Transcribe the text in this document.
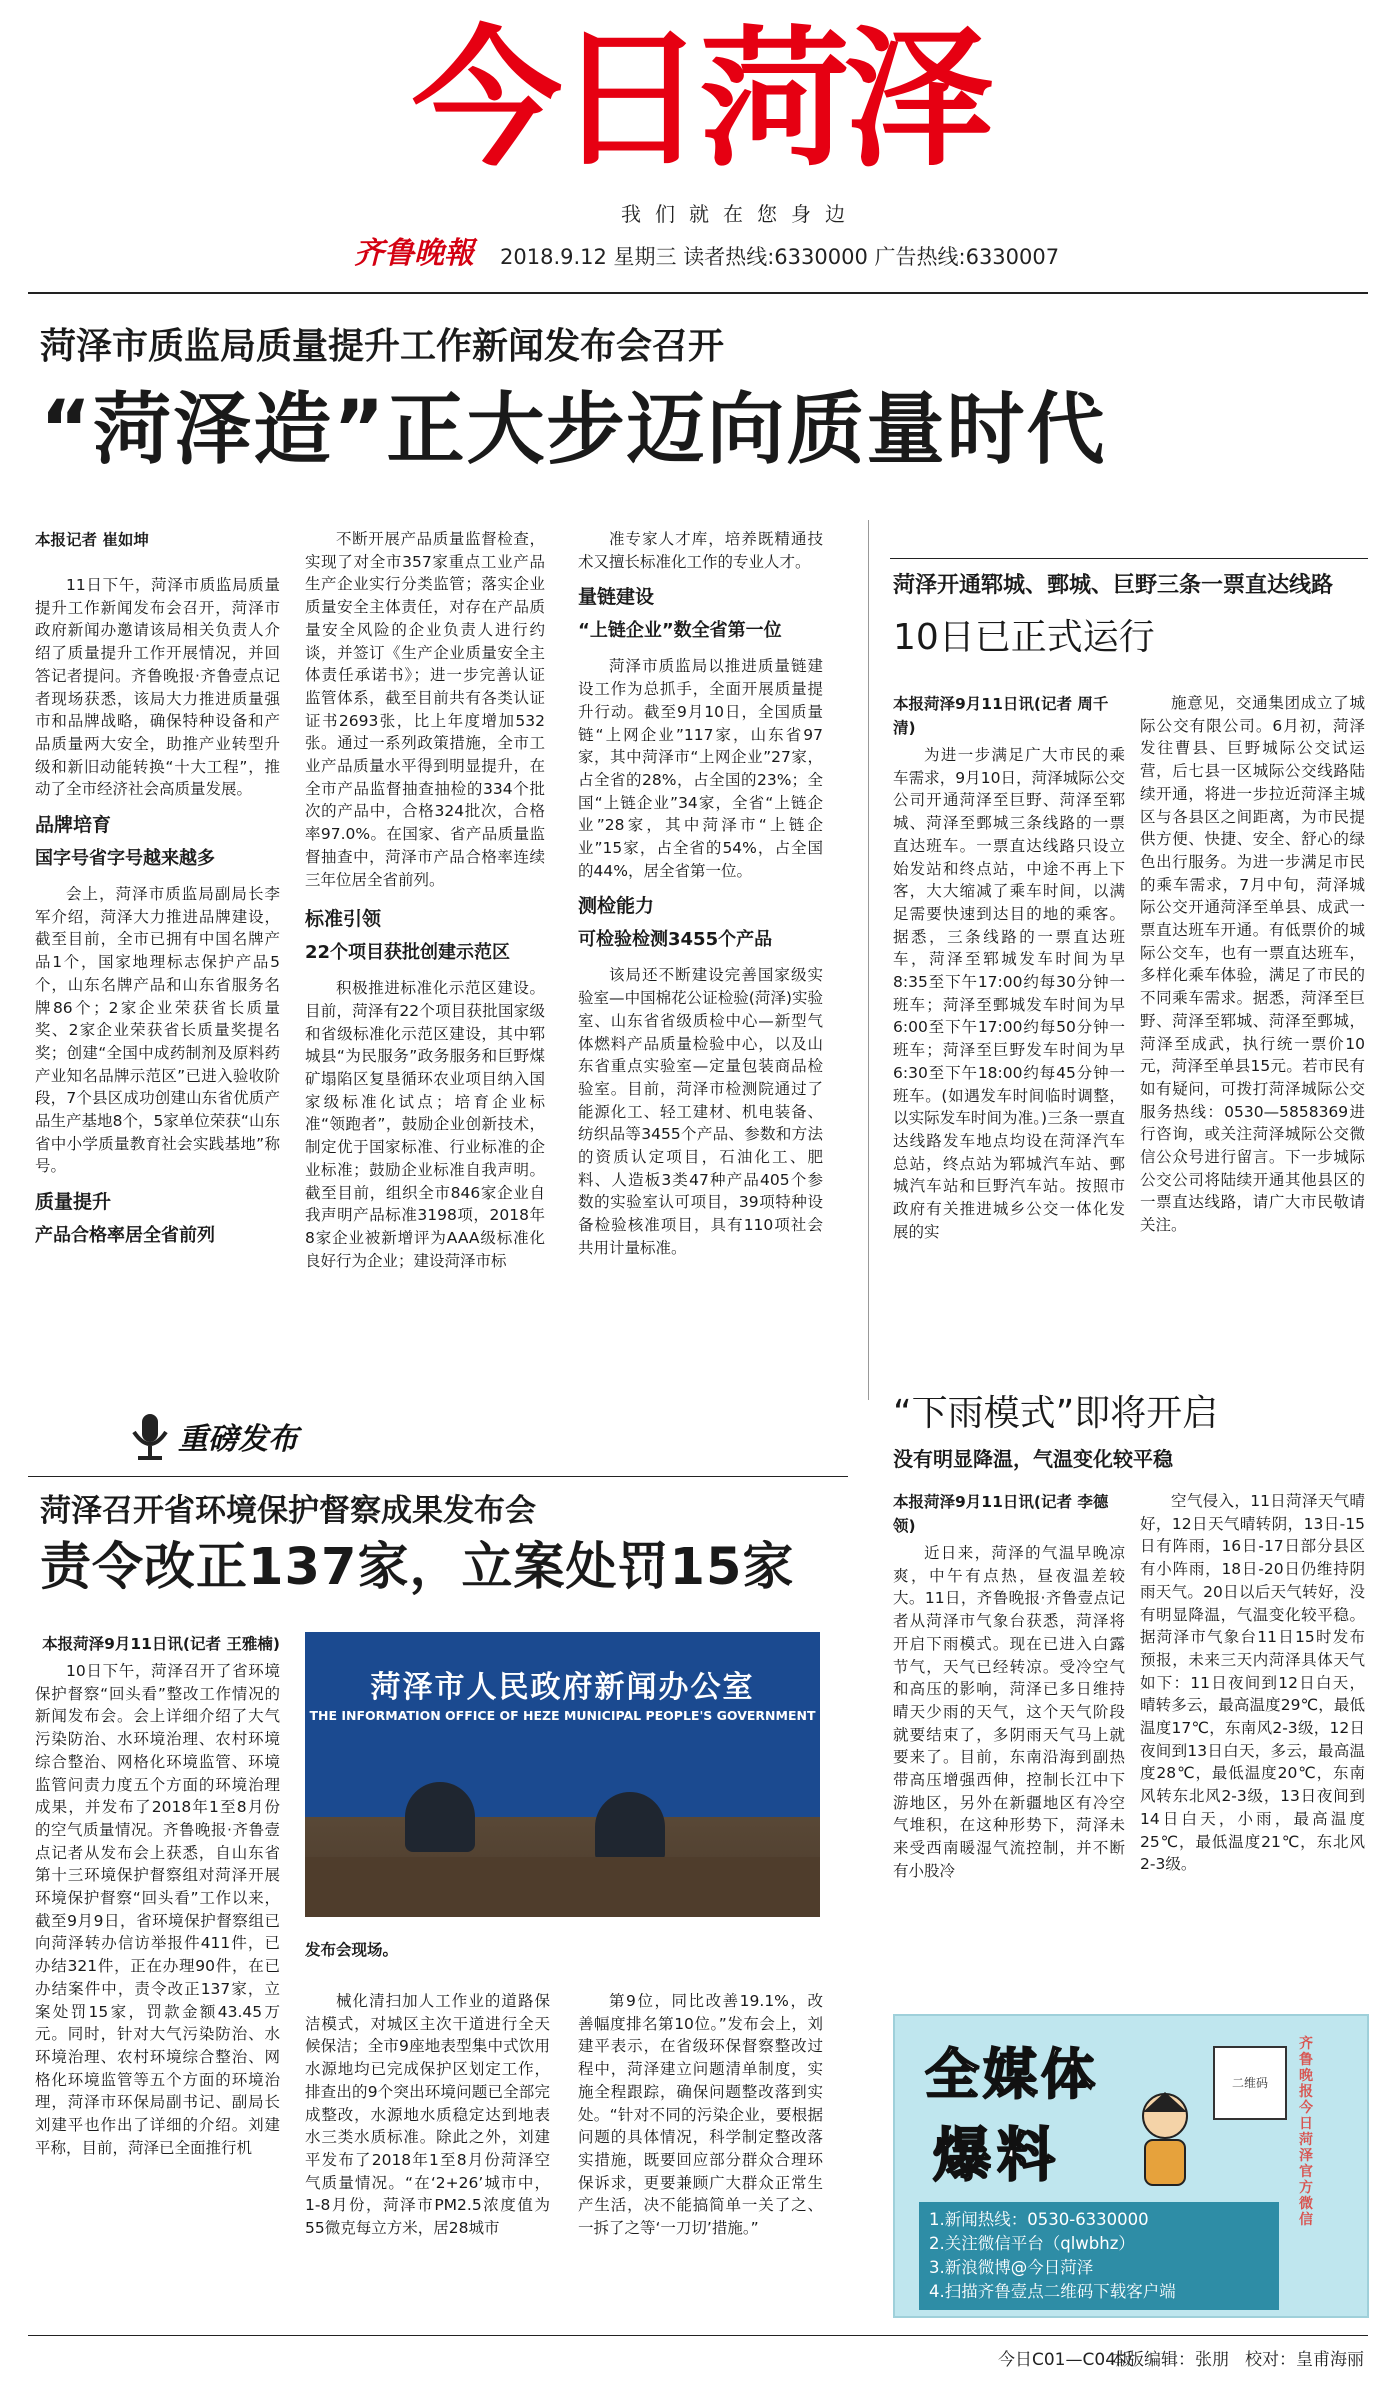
今日菏泽
我们就在您身边
齐鲁晚報	2018.9.12 星期三 读者热线:6330000 广告热线:6330007
菏泽市质监局质量提升工作新闻发布会召开
“菏泽造”正大步迈向质量时代
本报记者 崔如坤
11日下午，菏泽市质监局质量提升工作新闻发布会召开，菏泽市政府新闻办邀请该局相关负责人介绍了质量提升工作开展情况，并回答记者提问。齐鲁晚报·齐鲁壹点记者现场获悉，该局大力推进质量强市和品牌战略，确保特种设备和产品质量两大安全，助推产业转型升级和新旧动能转换“十大工程”，推动了全市经济社会高质量发展。
品牌培育
国字号省字号越来越多
会上，菏泽市质监局副局长李军介绍，菏泽大力推进品牌建设，截至目前，全市已拥有中国名牌产品1个，国家地理标志保护产品5个，山东名牌产品和山东省服务名牌86个；2家企业荣获省长质量奖、2家企业荣获省长质量奖提名奖；创建“全国中成药制剂及原料药产业知名品牌示范区”已进入验收阶段，7个县区成功创建山东省优质产品生产基地8个，5家单位荣获“山东省中小学质量教育社会实践基地”称号。
质量提升
产品合格率居全省前列
不断开展产品质量监督检查，实现了对全市357家重点工业产品生产企业实行分类监管；落实企业质量安全主体责任，对存在产品质量安全风险的企业负责人进行约谈，并签订《生产企业质量安全主体责任承诺书》；进一步完善认证监管体系，截至目前共有各类认证证书2693张，比上年度增加532张。通过一系列政策措施，全市工业产品质量水平得到明显提升，在全市产品监督抽查抽检的334个批次的产品中，合格324批次，合格率97.0%。在国家、省产品质量监督抽查中，菏泽市产品合格率连续三年位居全省前列。
标准引领
22个项目获批创建示范区
积极推进标准化示范区建设。目前，菏泽有22个项目获批国家级和省级标准化示范区建设，其中郓城县“为民服务”政务服务和巨野煤矿塌陷区复垦循环农业项目纳入国家级标准化试点；培育企业标准“领跑者”，鼓励企业创新技术，制定优于国家标准、行业标准的企业标准；鼓励企业标准自我声明。截至目前，组织全市846家企业自我声明产品标准3198项，2018年8家企业被新增评为AAA级标准化良好行为企业；建设菏泽市标
准专家人才库，培养既精通技术又擅长标准化工作的专业人才。
量链建设
“上链企业”数全省第一位
菏泽市质监局以推进质量链建设工作为总抓手，全面开展质量提升行动。截至9月10日，全国质量链“上网企业”117家，山东省97家，其中菏泽市“上网企业”27家，占全省的28%，占全国的23%；全国“上链企业”34家，全省“上链企业”28家，其中菏泽市“上链企业”15家，占全省的54%，占全国的44%，居全省第一位。
测检能力
可检验检测3455个产品
该局还不断建设完善国家级实验室—中国棉花公证检验(菏泽)实验室、山东省省级质检中心—新型气体燃料产品质量检验中心，以及山东省重点实验室—定量包装商品检验室。目前，菏泽市检测院通过了能源化工、轻工建材、机电装备、纺织品等3455个产品、参数和方法的资质认定项目，石油化工、肥料、人造板3类47种产品405个参数的实验室认可项目，39项特种设备检验核准项目，具有110项社会共用计量标准。
菏泽开通郓城、鄄城、巨野三条一票直达线路
10日已正式运行
本报菏泽9月11日讯(记者 周千清)
为进一步满足广大市民的乘车需求，9月10日，菏泽城际公交公司开通菏泽至巨野、菏泽至郓城、菏泽至鄄城三条线路的一票直达班车。一票直达线路只设立始发站和终点站，中途不再上下客，大大缩减了乘车时间，以满足需要快速到达目的地的乘客。据悉，三条线路的一票直达班车，菏泽至郓城发车时间为早8:35至下午17:00约每30分钟一班车；菏泽至鄄城发车时间为早6:00至下午17:00约每50分钟一班车；菏泽至巨野发车时间为早6:30至下午18:00约每45分钟一班车。(如遇发车时间临时调整，以实际发车时间为准。)三条一票直达线路发车地点均设在菏泽汽车总站，终点站为郓城汽车站、鄄城汽车站和巨野汽车站。按照市政府有关推进城乡公交一体化发展的实
施意见，交通集团成立了城际公交有限公司。6月初，菏泽发往曹县、巨野城际公交试运营，后七县一区城际公交线路陆续开通，将进一步拉近菏泽主城区与各县区之间距离，为市民提供方便、快捷、安全、舒心的绿色出行服务。为进一步满足市民的乘车需求，7月中旬，菏泽城际公交开通菏泽至单县、成武一票直达班车开通。有低票价的城际公交车，也有一票直达班车，多样化乘车体验，满足了市民的不同乘车需求。据悉，菏泽至巨野、菏泽至郓城、菏泽至鄄城，菏泽至成武，执行统一票价10元，菏泽至单县15元。若市民有如有疑问，可拨打菏泽城际公交服务热线：0530—5858369进行咨询，或关注菏泽城际公交微信公众号进行留言。下一步城际公交公司将陆续开通其他县区的一票直达线路，请广大市民敬请关注。
“下雨模式”即将开启
没有明显降温，气温变化较平稳
本报菏泽9月11日讯(记者 李德领)
近日来，菏泽的气温早晚凉爽，中午有点热，昼夜温差较大。11日，齐鲁晚报·齐鲁壹点记者从菏泽市气象台获悉，菏泽将开启下雨模式。现在已进入白露节气，天气已经转凉。受冷空气和高压的影响，菏泽已多日维持晴天少雨的天气，这个天气阶段就要结束了，多阴雨天气马上就要来了。目前，东南沿海到副热带高压增强西伸，控制长江中下游地区，另外在新疆地区有冷空气堆积，在这种形势下，菏泽未来受西南暖湿气流控制，并不断有小股冷
空气侵入，11日菏泽天气晴好，12日天气晴转阴，13日-15日有阵雨，16日-17日部分县区有小阵雨，18日-20日仍维持阴雨天气。20日以后天气转好，没有明显降温，气温变化较平稳。据菏泽市气象台11日15时发布预报，未来三天内菏泽具体天气如下：11日夜间到12日白天，晴转多云，最高温度29℃，最低温度17℃，东南风2-3级，12日夜间到13日白天，多云，最高温度28℃，最低温度20℃，东南风转东北风2-3级，13日夜间到14日白天，小雨，最高温度25℃，最低温度21℃，东北风2-3级。
重磅发布
菏泽召开省环境保护督察成果发布会
责令改正137家，立案处罚15家
本报菏泽9月11日讯(记者 王雅楠)
10日下午，菏泽召开了省环境保护督察“回头看”整改工作情况的新闻发布会。会上详细介绍了大气污染防治、水环境治理、农村环境综合整治、网格化环境监管、环境监管问责力度五个方面的环境治理成果，并发布了2018年1至8月份的空气质量情况。齐鲁晚报·齐鲁壹点记者从发布会上获悉，自山东省第十三环境保护督察组对菏泽开展环境保护督察“回头看”工作以来，截至9月9日，省环境保护督察组已向菏泽转办信访举报件411件，已办结321件，正在办理90件，在已办结案件中，责令改正137家，立案处罚15家，罚款金额43.45万元。同时，针对大气污染防治、水环境治理、农村环境综合整治、网格化环境监管等五个方面的环境治理，菏泽市环保局副书记、副局长刘建平也作出了详细的介绍。刘建平称，目前，菏泽已全面推行机
菏泽市人民政府新闻办公室
THE INFORMATION OFFICE OF HEZE MUNICIPAL PEOPLE'S GOVERNMENT
发布会现场。
械化清扫加人工作业的道路保洁模式，对城区主次干道进行全天候保洁；全市9座地表型集中式饮用水源地均已完成保护区划定工作，排查出的9个突出环境问题已全部完成整改，水源地水质稳定达到地表水三类水质标准。除此之外，刘建平发布了2018年1至8月份菏泽空气质量情况。“在‘2+26’城市中，1-8月份，菏泽市PM2.5浓度值为55微克每立方米，居28城市
第9位，同比改善19.1%，改善幅度排名第10位。”发布会上，刘建平表示，在省级环保督察整改过程中，菏泽建立问题清单制度，实施全程跟踪，确保问题整改落到实处。“针对不同的污染企业，要根据问题的具体情况，科学制定整改落实措施，既要回应部分群众合理环保诉求，更要兼顾广大群众正常生产生活，决不能搞简单一关了之、一拆了之等‘一刀切’措施。”
全媒体
爆料
二维码
齐鲁晚报今日菏泽官方微信
1.新闻热线：0530-6330000
2.关注微信平台（qlwbhz）
3.新浪微博@今日菏泽
4.扫描齐鲁壹点二维码下载客户端
今日C01—C04版
本版编辑：张朋 校对：皇甫海丽
